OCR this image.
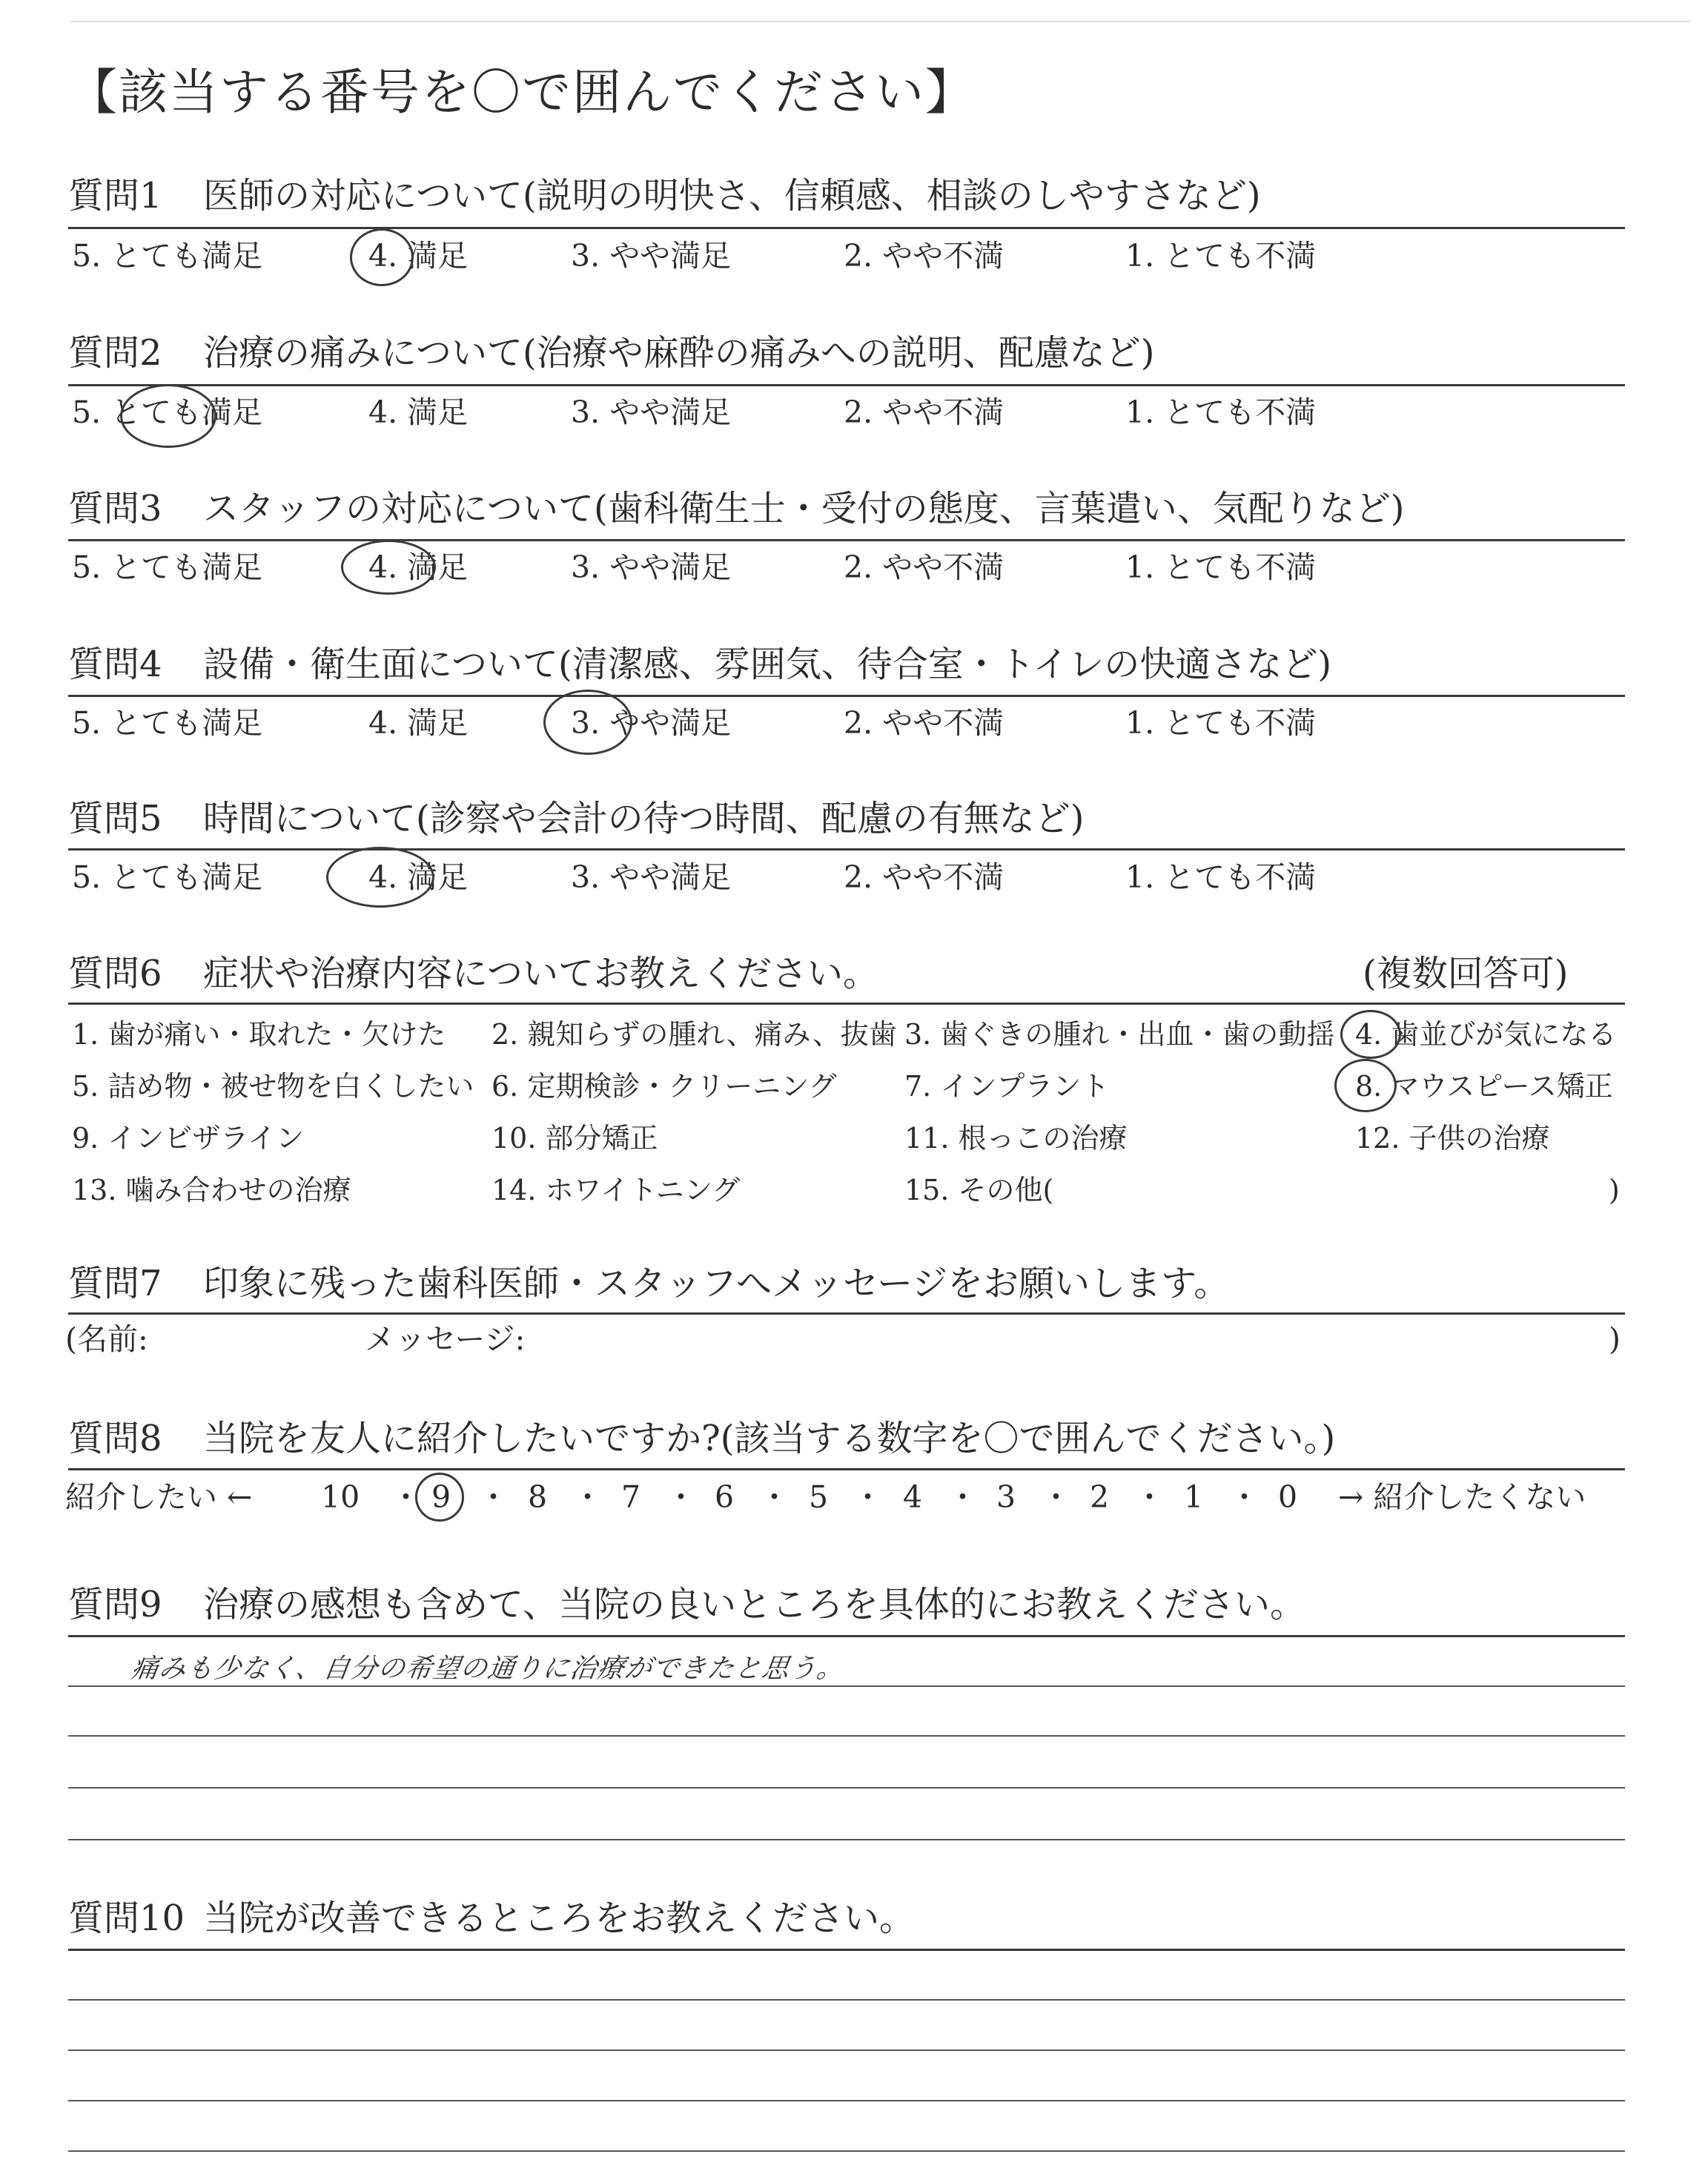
【該当する番号を〇で囲んでください】
質問1 医師の対応について(説明の明快さ、信頼感、相談のしやすさなど)
5. とても満足	4. 満足	3. やや満足	2. やや不満	1. とても不満
質問2 治療の痛みについて(治療や麻酔の痛みへの説明、配慮など)
5. とても満足	4. 満足	3. やや満足	2. やや不満	1. とても不満
質問3 スタッフの対応について(歯科衛生士・受付の態度、言葉遣い、気配りなど)
5. とても満足	4. 満足	3. やや満足	2. やや不満	1. とても不満
質問4 設備・衛生面について(清潔感、雰囲気、待合室・トイレの快適さなど)
5. とても満足	4. 満足	3. やや満足	2. やや不満	1. とても不満
質問5 時間について(診察や会計の待つ時間、配慮の有無など)
5. とても満足	4. 満足	3. やや満足	2. やや不満	1. とても不満
質問6 症状や治療内容についてお教えください。	(複数回答可)
1. 歯が痛い・取れた・欠けた 2. 親知らずの腫れ、痛み、抜歯 3. 歯ぐきの腫れ・出血・歯の動揺 4. 歯並びが気になる
5. 詰め物・被せ物を白くしたい 6. 定期検診・クリーニング 7. インプラント	8. マウスピース矯正
9. インビザライン	10. 部分矯正	11. 根っこの治療	12. 子供の治療
13. 噛み合わせの治療	14. ホワイトニング	15. その他(	)
質問7 印象に残った歯科医師・スタッフへメッセージをお願いします。
(名前:	メッセージ:	)
質問8 当院を友人に紹介したいですか?(該当する数字を〇で囲んでください。)
紹介したい ←	→ 紹介したくない
10 ・ 9 ・ 8 ・ 7 ・ 6 ・ 5 ・ 4 ・ 3 ・ 2 ・ 1 ・ 0
質問9 治療の感想も含めて、当院の良いところを具体的にお教えください。
痛みも少なく、自分の希望の通りに治療ができたと思う。
質問10 当院が改善できるところをお教えください。
